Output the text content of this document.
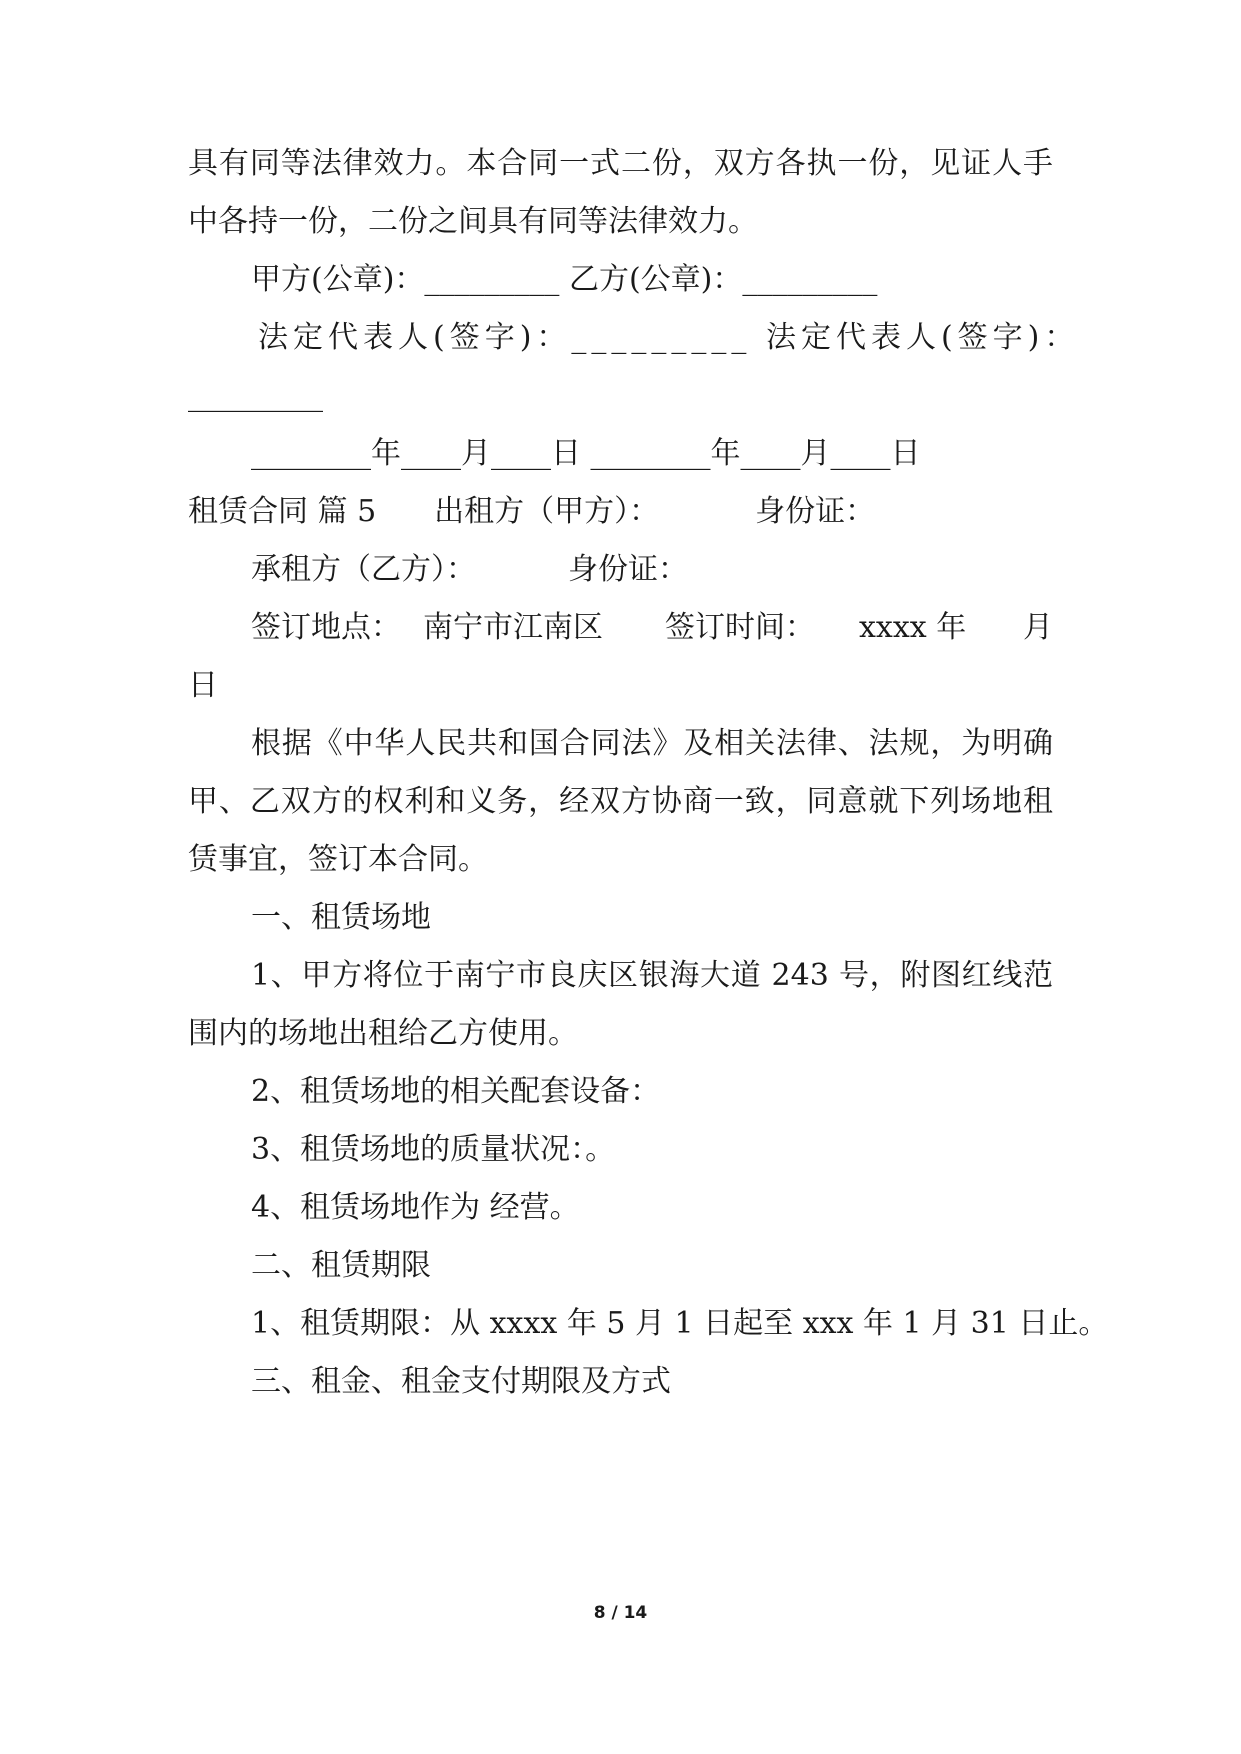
具有同等法律效力。本合同一式二份，双方各执一份，见证人手
中各持一份，二份之间具有同等法律效力。
甲方(公章)：_________ 乙方(公章)：_________
法定代表人(签字)：_________ 法定代表人(签字)：
_________
________年____月____日 ________年____月____日
租赁合同 篇 5 出租方（甲方）：	身份证：
承租方（乙方）：	身份证：
签订地点： 南宁市江南区 签订时间： xxxx 年 月
日
根据《中华人民共和国合同法》及相关法律、法规，为明确
甲、乙双方的权利和义务，经双方协商一致，同意就下列场地租
赁事宜，签订本合同。
一、租赁场地
1、甲方将位于南宁市良庆区银海大道 243 号，附图红线范
围内的场地出租给乙方使用。
2、租赁场地的相关配套设备：
3、租赁场地的质量状况：。
4、租赁场地作为 经营。
二、租赁期限
1、租赁期限：从 xxxx 年 5 月 1 日起至 xxx 年 1 月 31 日止。
三、租金、租金支付期限及方式
8 / 14
